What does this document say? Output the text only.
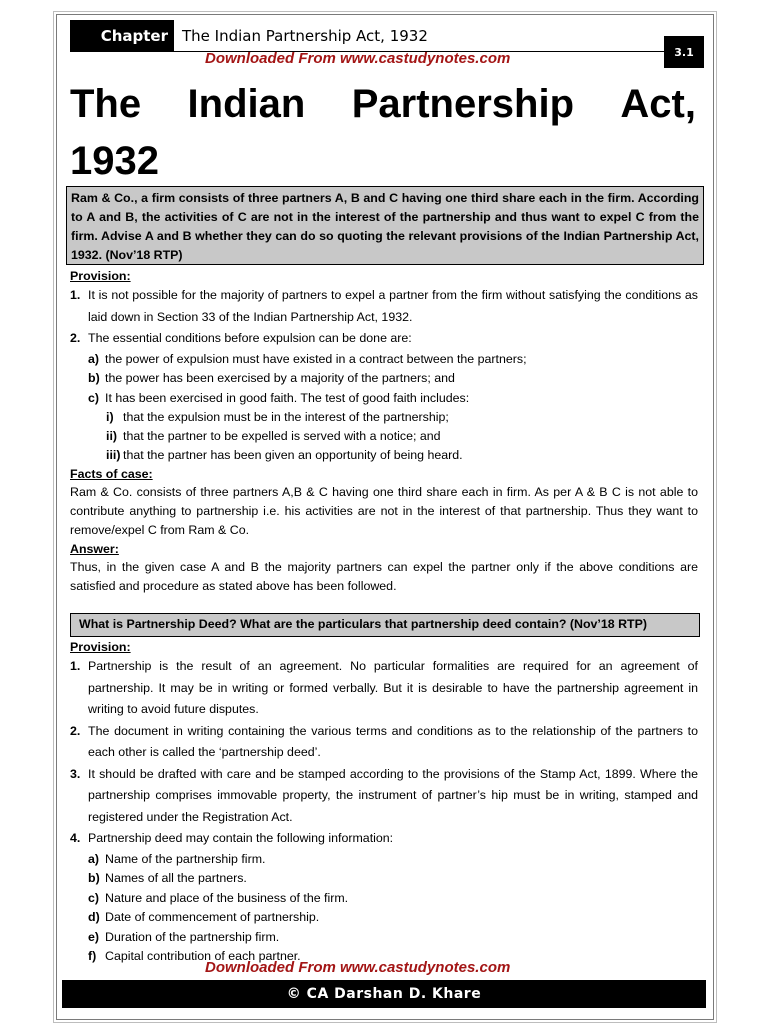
Chapter The Indian Partnership Act, 1932
3.1
Downloaded From www.castudynotes.com
The Indian Partnership Act,
1932
Ram & Co., a firm consists of three partners A, B and C having one third share each in the firm. According to A and B, the activities of C are not in the interest of the partnership and thus want to expel C from the firm. Advise A and B whether they can do so quoting the relevant provisions of the Indian Partnership Act, 1932. (Nov’18 RTP)
Provision:
1. It is not possible for the majority of partners to expel a partner from the firm without satisfying the conditions as laid down in Section 33 of the Indian Partnership Act, 1932.
2. The essential conditions before expulsion can be done are:
a) the power of expulsion must have existed in a contract between the partners;
b) the power has been exercised by a majority of the partners; and
c) It has been exercised in good faith. The test of good faith includes:
i) that the expulsion must be in the interest of the partnership;
ii) that the partner to be expelled is served with a notice; and
iii) that the partner has been given an opportunity of being heard.
Facts of case:
Ram & Co. consists of three partners A,B & C having one third share each in firm. As per A & B C is not able to contribute anything to partnership i.e. his activities are not in the interest of that partnership. Thus they want to remove/expel C from Ram & Co.
Answer:
Thus, in the given case A and B the majority partners can expel the partner only if the above conditions are satisfied and procedure as stated above has been followed.
What is Partnership Deed? What are the particulars that partnership deed contain? (Nov’18 RTP)
Provision:
1. Partnership is the result of an agreement. No particular formalities are required for an agreement of partnership. It may be in writing or formed verbally. But it is desirable to have the partnership agreement in writing to avoid future disputes.
2. The document in writing containing the various terms and conditions as to the relationship of the partners to each other is called the ‘partnership deed’.
3. It should be drafted with care and be stamped according to the provisions of the Stamp Act, 1899. Where the partnership comprises immovable property, the instrument of partner’s hip must be in writing, stamped and registered under the Registration Act.
4. Partnership deed may contain the following information:
a) Name of the partnership firm.
b) Names of all the partners.
c) Nature and place of the business of the firm.
d) Date of commencement of partnership.
e) Duration of the partnership firm.
f) Capital contribution of each partner.
Downloaded From www.castudynotes.com
© CA Darshan D. Khare
